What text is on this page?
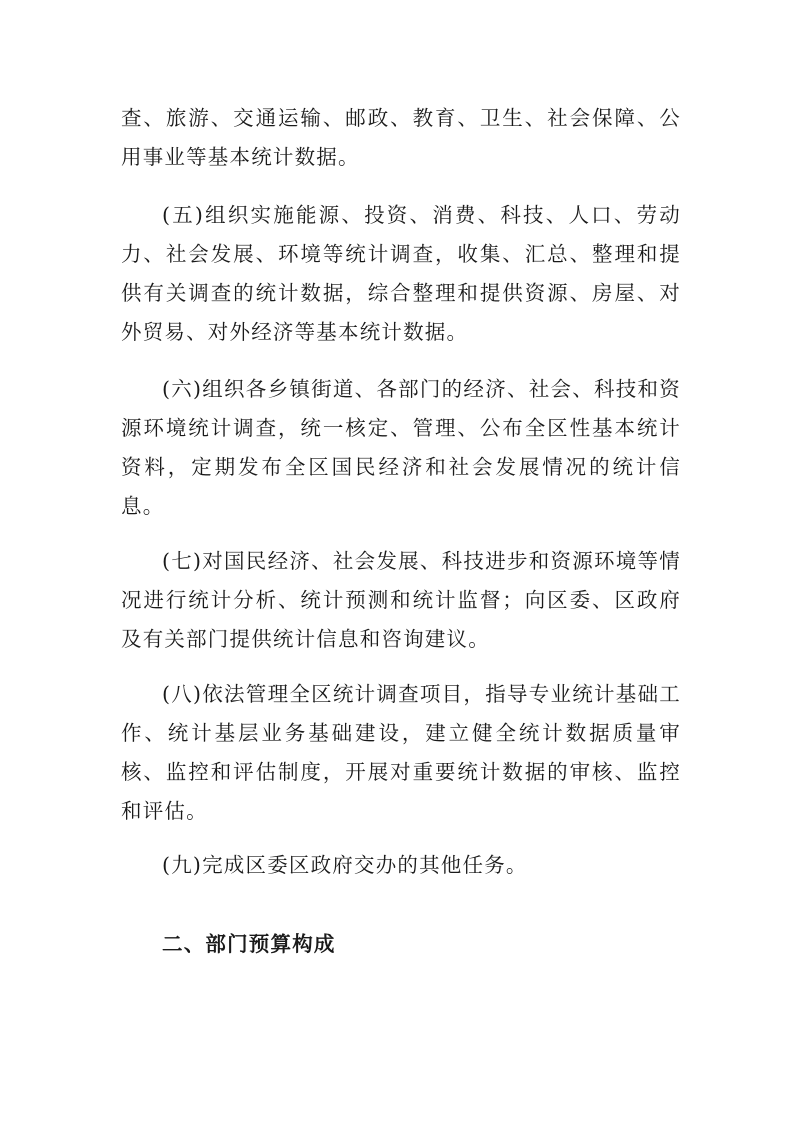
查、旅游、交通运输、邮政、教育、卫生、社会保障、公用事业等基本统计数据。

(五)组织实施能源、投资、消费、科技、人口、劳动力、社会发展、环境等统计调查，收集、汇总、整理和提供有关调查的统计数据，综合整理和提供资源、房屋、对外贸易、对外经济等基本统计数据。

(六)组织各乡镇街道、各部门的经济、社会、科技和资源环境统计调查，统一核定、管理、公布全区性基本统计资料，定期发布全区国民经济和社会发展情况的统计信息。

(七)对国民经济、社会发展、科技进步和资源环境等情况进行统计分析、统计预测和统计监督；向区委、区政府及有关部门提供统计信息和咨询建议。

(八)依法管理全区统计调查项目，指导专业统计基础工作、统计基层业务基础建设，建立健全统计数据质量审核、监控和评估制度，开展对重要统计数据的审核、监控和评估。

(九)完成区委区政府交办的其他任务。

二、部门预算构成
